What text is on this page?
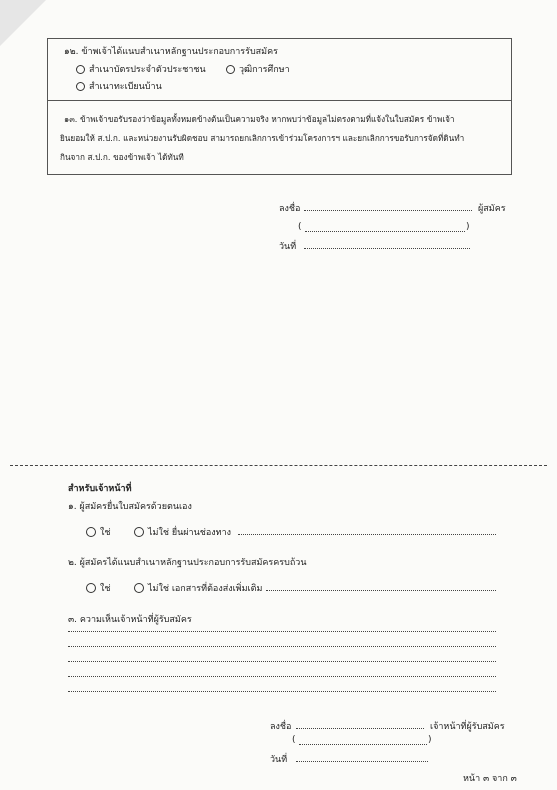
๑๒. ข้าพเจ้าได้แนบสำเนาหลักฐานประกอบการรับสมัคร
สำเนาบัตรประจำตัวประชาชน	วุฒิการศึกษา
สำเนาทะเบียนบ้าน
๑๓. ข้าพเจ้าขอรับรองว่าข้อมูลทั้งหมดข้างต้นเป็นความจริง หากพบว่าข้อมูลไม่ตรงตามที่แจ้งในใบสมัคร ข้าพเจ้า
ยินยอมให้ ส.ป.ก. และหน่วยงานรับผิดชอบ สามารถยกเลิกการเข้าร่วมโครงการฯ และยกเลิกการขอรับการจัดที่ดินทำ
กินจาก ส.ป.ก. ของข้าพเจ้า ได้ทันที
ลงชื่อ	ผู้สมัคร
(	)
วันที่
สำหรับเจ้าหน้าที่
๑. ผู้สมัครยื่นใบสมัครด้วยตนเอง
ใช่	ไม่ใช่ ยื่นผ่านช่องทาง
๒. ผู้สมัครได้แนบสำเนาหลักฐานประกอบการรับสมัครครบถ้วน
ใช่	ไม่ใช่ เอกสารที่ต้องส่งเพิ่มเติม
๓. ความเห็นเจ้าหน้าที่ผู้รับสมัคร
ลงชื่อ	เจ้าหน้าที่ผู้รับสมัคร
(	)
วันที่
หน้า ๓ จาก ๓
